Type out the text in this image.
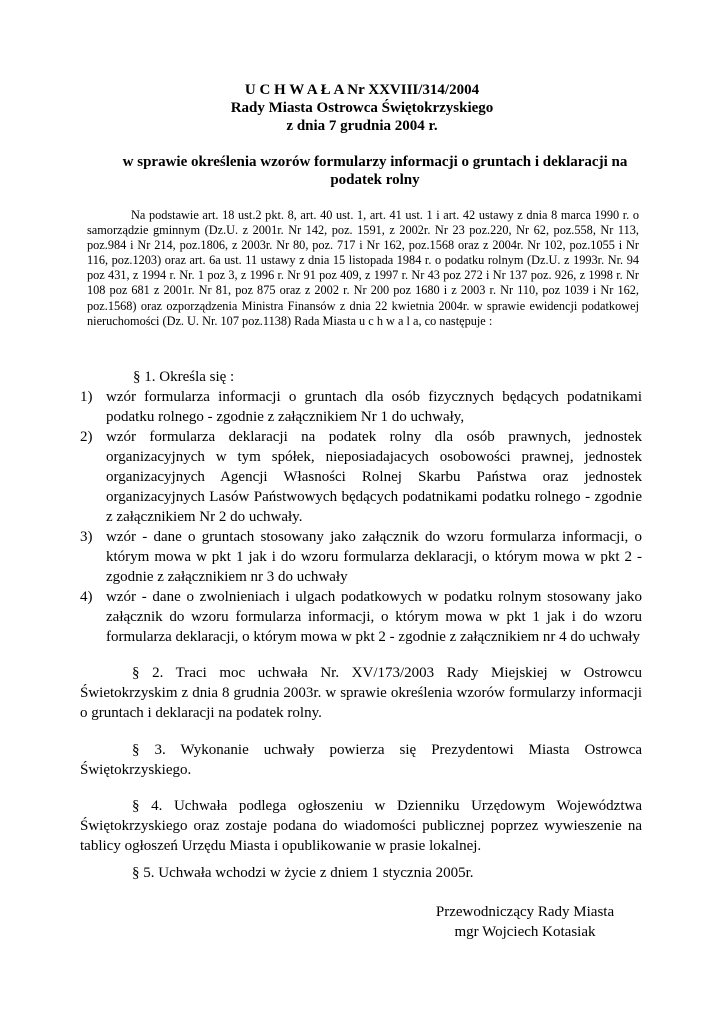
U C H W A Ł A Nr XXVIII/314/2004
Rady Miasta Ostrowca Świętokrzyskiego
z dnia 7 grudnia 2004 r.
w sprawie określenia wzorów formularzy informacji o gruntach i deklaracji na podatek rolny

Na podstawie art. 18 ust.2 pkt. 8, art. 40 ust. 1, art. 41 ust. 1 i art. 42 ustawy z dnia 8 marca 1990 r. o samorządzie gminnym (Dz.U. z 2001r. Nr 142, poz. 1591, z 2002r. Nr 23 poz.220, Nr 62, poz.558, Nr 113, poz.984 i Nr 214, poz.1806, z 2003r. Nr 80, poz. 717 i Nr 162, poz.1568 oraz z 2004r. Nr 102, poz.1055 i Nr 116, poz.1203) oraz art. 6a ust. 11 ustawy z dnia 15 listopada 1984 r. o podatku rolnym (Dz.U. z 1993r. Nr. 94 poz 431, z 1994 r. Nr. 1 poz 3, z 1996 r. Nr 91 poz 409, z 1997 r. Nr 43 poz 272 i Nr 137 poz. 926, z 1998 r. Nr 108 poz 681 z 2001r. Nr 81, poz 875 oraz z 2002 r. Nr 200 poz 1680 i z 2003 r. Nr 110, poz 1039 i Nr 162, poz.1568) oraz ozporządzenia Ministra Finansów z dnia 22 kwietnia 2004r. w sprawie ewidencji podatkowej nieruchomości (Dz. U. Nr. 107 poz.1138) Rada Miasta u c h w a l a, co następuje :

§ 1. Określa się :
1) wzór formularza informacji o gruntach dla osób fizycznych będących podatnikami podatku rolnego - zgodnie z załącznikiem Nr 1 do uchwały,
2) wzór formularza deklaracji na podatek rolny dla osób prawnych, jednostek organizacyjnych w tym spółek, nieposiadajacych osobowości prawnej, jednostek organizacyjnych Agencji Własności Rolnej Skarbu Państwa oraz jednostek organizacyjnych Lasów Państwowych będących podatnikami podatku rolnego - zgodnie z załącznikiem Nr 2 do uchwały.
3) wzór - dane o gruntach stosowany jako załącznik do wzoru formularza informacji, o którym mowa w pkt 1 jak i do wzoru formularza deklaracji, o którym mowa w pkt 2 - zgodnie z załącznikiem nr 3 do uchwały
4) wzór - dane o zwolnieniach i ulgach podatkowych w podatku rolnym stosowany jako załącznik do wzoru formularza informacji, o którym mowa w pkt 1 jak i do wzoru formularza deklaracji, o którym mowa w pkt 2 - zgodnie z załącznikiem nr 4 do uchwały

§ 2. Traci moc uchwała Nr. XV/173/2003 Rady Miejskiej w Ostrowcu Świetokrzyskim z dnia 8 grudnia 2003r. w sprawie określenia wzorów formularzy informacji o gruntach i deklaracji na podatek rolny.

§ 3. Wykonanie uchwały powierza się Prezydentowi Miasta Ostrowca Świętokrzyskiego.

§ 4. Uchwała podlega ogłoszeniu w Dzienniku Urzędowym Województwa Świętokrzyskiego oraz zostaje podana do wiadomości publicznej poprzez wywieszenie na tablicy ogłoszeń Urzędu Miasta i opublikowanie w prasie lokalnej.

§ 5. Uchwała wchodzi w życie z dniem 1 stycznia 2005r.

Przewodniczący Rady Miasta
mgr Wojciech Kotasiak
